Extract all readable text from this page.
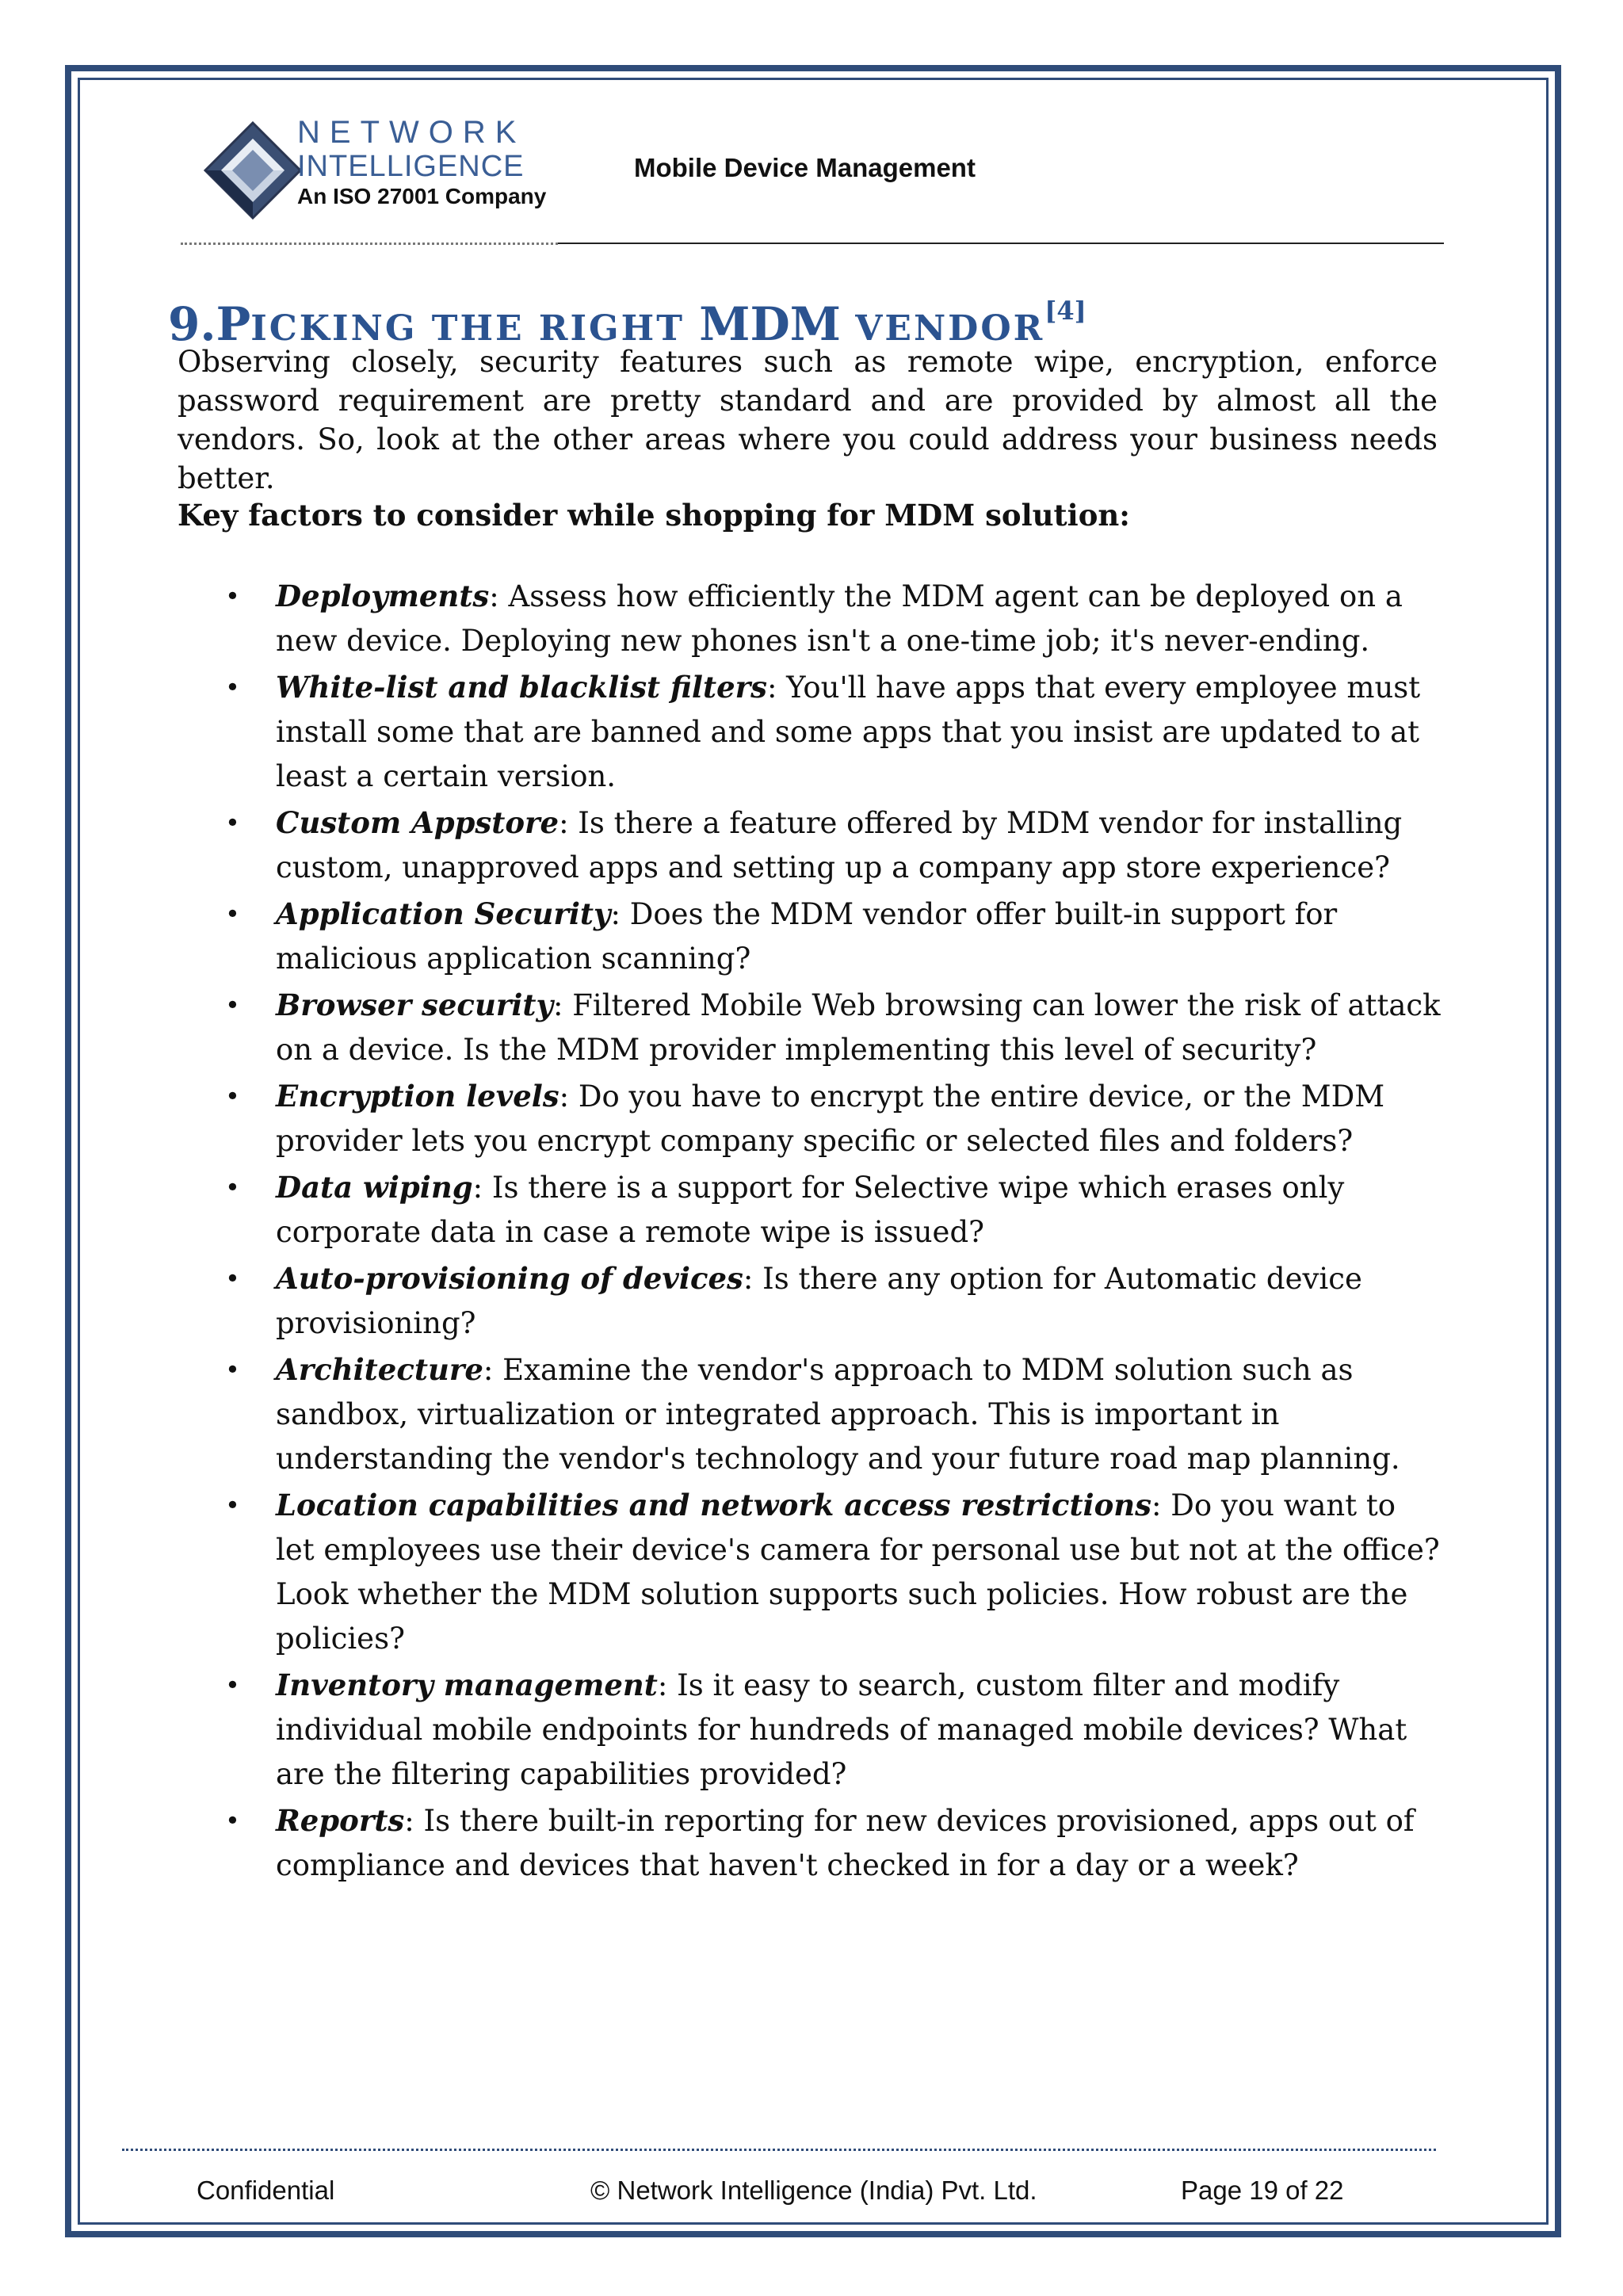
NETWORK
INTELLIGENCE
An ISO 27001 Company
Mobile Device Management
9.PICKING THE RIGHT MDM VENDOR[4]

Observing closely, security features such as remote wipe, encryption, enforce password requirement are pretty standard and are provided by almost all the vendors. So, look at the other areas where you could address your business needs better.

Key factors to consider while shopping for MDM solution:

• Deployments: Assess how efficiently the MDM agent can be deployed on a new device. Deploying new phones isn't a one-time job; it's never-ending.
• White-list and blacklist filters: You'll have apps that every employee must install some that are banned and some apps that you insist are updated to at least a certain version.
• Custom Appstore: Is there a feature offered by MDM vendor for installing custom, unapproved apps and setting up a company app store experience?
• Application Security: Does the MDM vendor offer built-in support for malicious application scanning?
• Browser security: Filtered Mobile Web browsing can lower the risk of attack on a device. Is the MDM provider implementing this level of security?
• Encryption levels: Do you have to encrypt the entire device, or the MDM provider lets you encrypt company specific or selected files and folders?
• Data wiping: Is there is a support for Selective wipe which erases only corporate data in case a remote wipe is issued?
• Auto-provisioning of devices: Is there any option for Automatic device provisioning?
• Architecture: Examine the vendor's approach to MDM solution such as sandbox, virtualization or integrated approach. This is important in understanding the vendor's technology and your future road map planning.
• Location capabilities and network access restrictions: Do you want to let employees use their device's camera for personal use but not at the office? Look whether the MDM solution supports such policies. How robust are the policies?
• Inventory management: Is it easy to search, custom filter and modify individual mobile endpoints for hundreds of managed mobile devices? What are the filtering capabilities provided?
• Reports: Is there built-in reporting for new devices provisioned, apps out of compliance and devices that haven't checked in for a day or a week?
Confidential	© Network Intelligence (India) Pvt. Ltd.	Page 19 of 22
